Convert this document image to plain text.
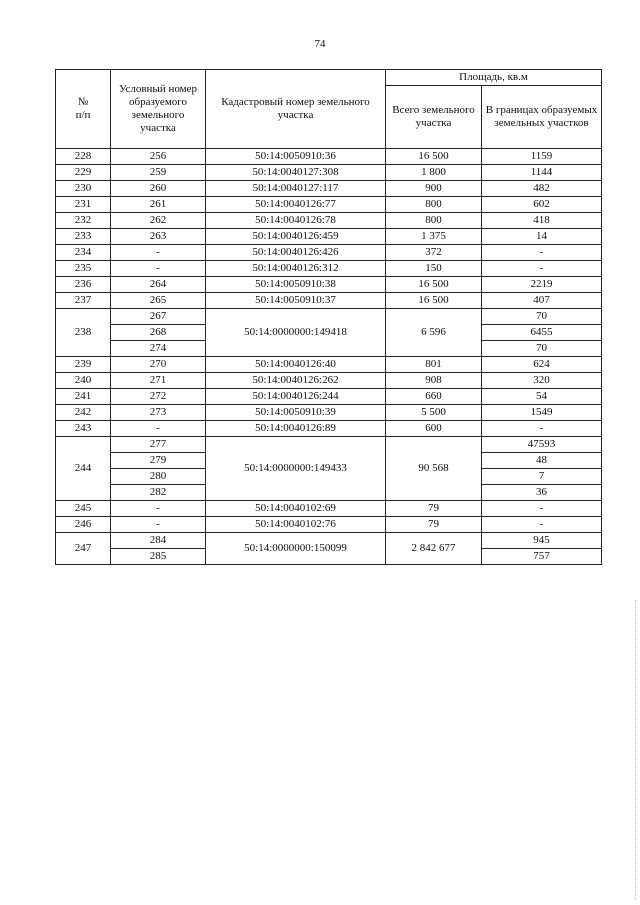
74
№
п/п	Условный номер образуемого земельного участка	Кадастровый номер земельного участка	Площадь, кв.м	
			Всего земельного участка	В границах образуемых земельных участков
228	256	50:14:0050910:36	16 500	1159
229	259	50:14:0040127:308	1 800	1144
230	260	50:14:0040127:117	900	482
231	261	50:14:0040126:77	800	602
232	262	50:14:0040126:78	800	418
233	263	50:14:0040126:459	1 375	14
234	-	50:14:0040126:426	372	-
235	-	50:14:0040126:312	150	-
236	264	50:14:0050910:38	16 500	2219
237	265	50:14:0050910:37	16 500	407
238	267	50:14:0000000:149418	6 596	70
	268			6455
	274			70
239	270	50:14:0040126:40	801	624
240	271	50:14:0040126:262	908	320
241	272	50:14:0040126:244	660	54
242	273	50:14:0050910:39	5 500	1549
243	-	50:14:0040126:89	600	-
244	277	50:14:0000000:149433	90 568	47593
	279			48
	280			7
	282			36
245	-	50:14:0040102:69	79	-
246	-	50:14:0040102:76	79	-
247	284	50:14:0000000:150099	2 842 677	945
	285			757
